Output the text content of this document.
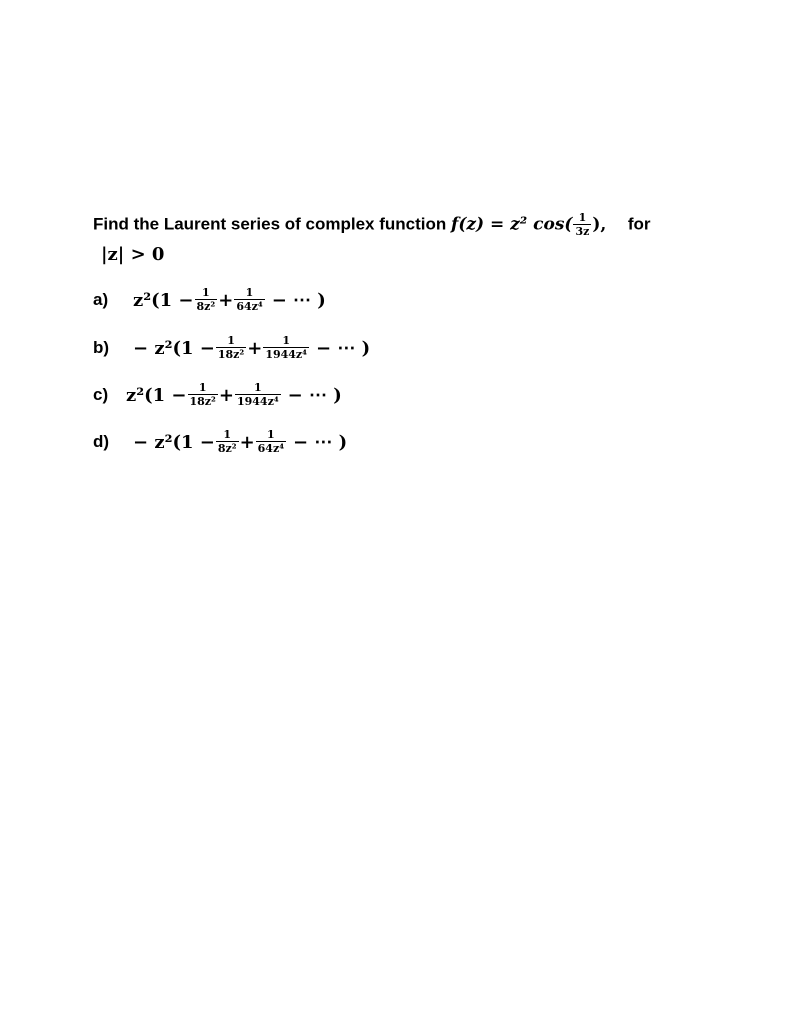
Find the Laurent series of complex function f(z) = z² $\cos( \frac{1}{3z}$ ), for
|z| > 0
a)	$z^2(1 - \frac{1}{\text{8z²}} + \frac{1}{\text{64z⁴}}$ − ⋯ )
b)	− $z^2(1 - \frac{1}{\text{18z²}} + \frac{1}{\text{1944z⁴}}$ − ⋯ )
c) $z^2(1 - \frac{1}{\text{18z²}} + \frac{1}{\text{1944z⁴}}$ − ⋯ )
d)	− $z^2(1 - \frac{1}{\text{8z²}} + \frac{1}{\text{64z⁴}}$ − ⋯ )
